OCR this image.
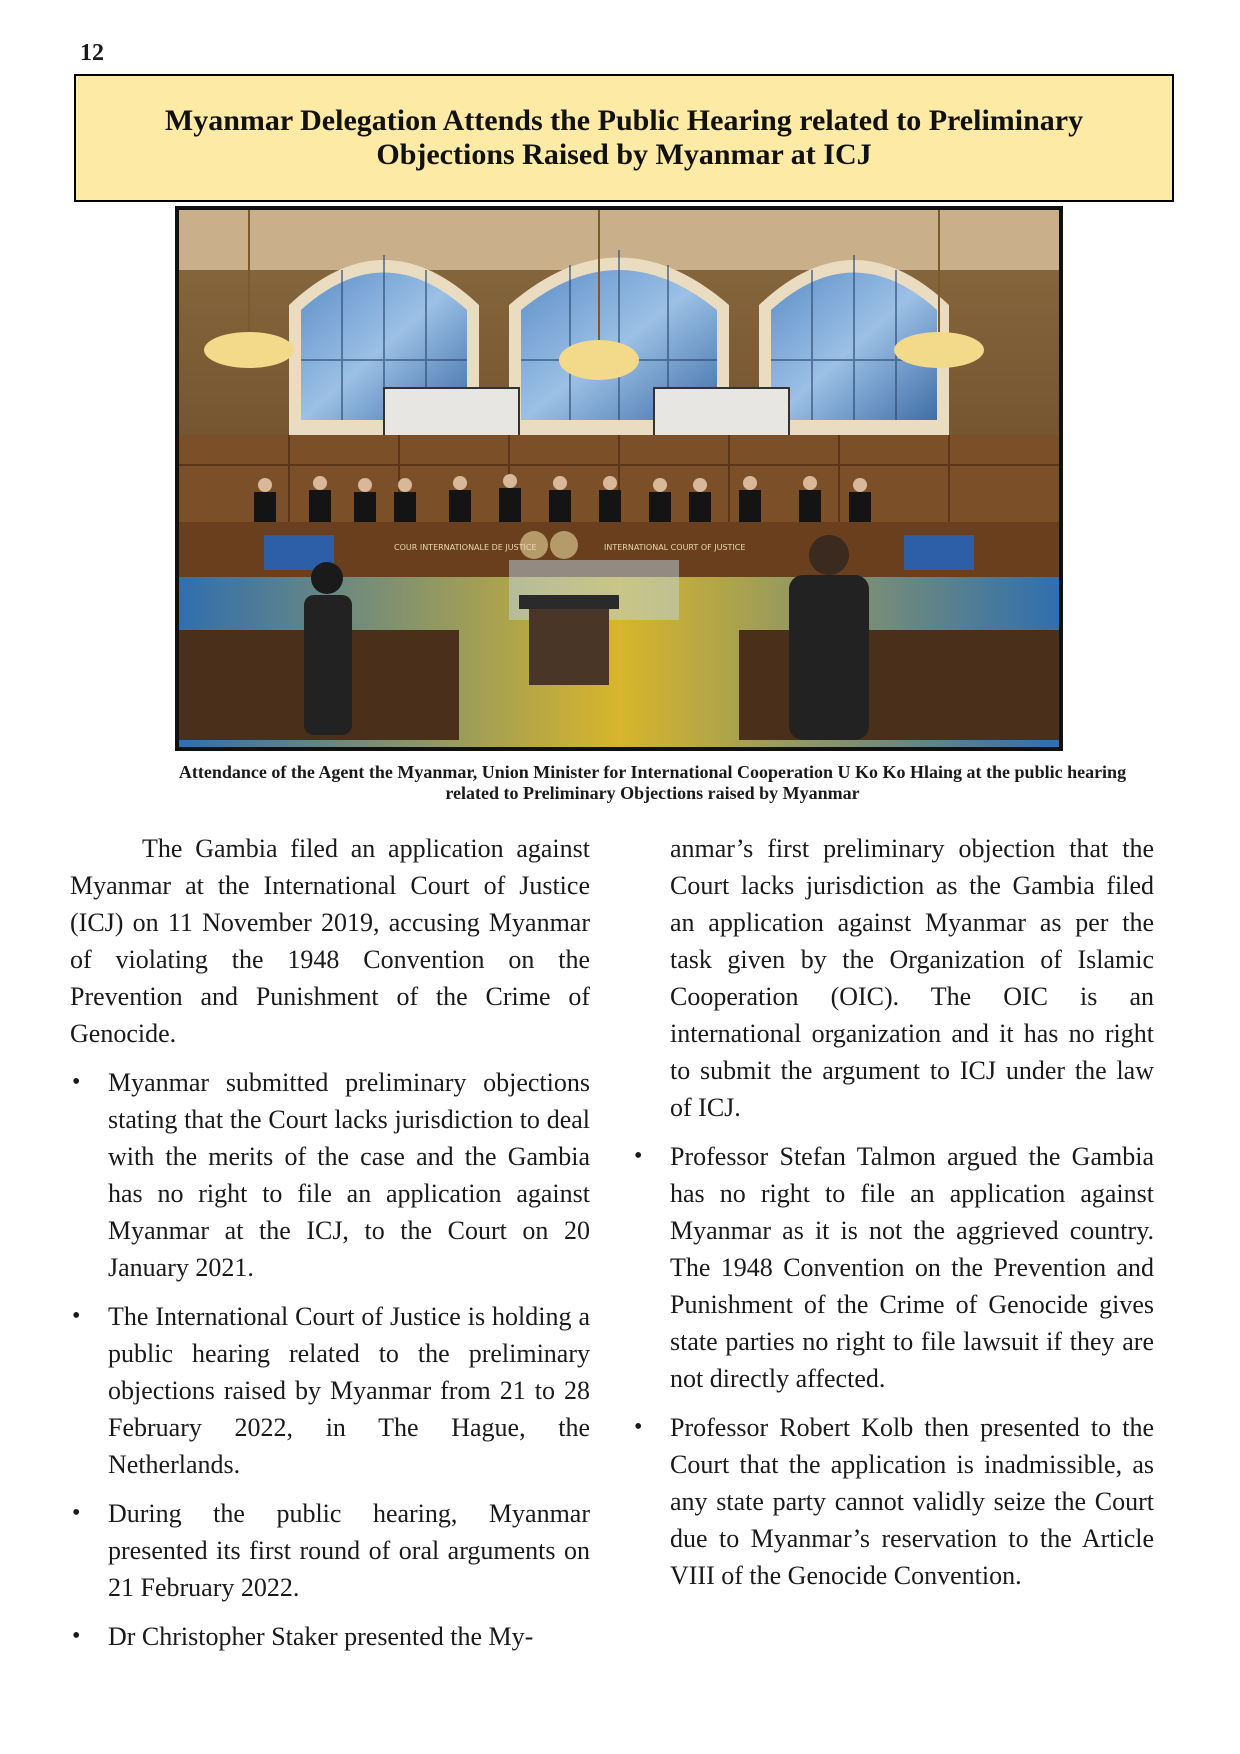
12
Myanmar Delegation Attends the Public Hearing related to Preliminary Objections Raised by Myanmar at ICJ
COUR INTERNATIONALE DE JUSTICE	INTERNATIONAL COURT OF JUSTICE
Attendance of the Agent the Myanmar, Union Minister for International Cooperation U Ko Ko Hlaing at the public hearing related to Preliminary Objections raised by Myanmar

The Gambia filed an application against Myanmar at the International Court of Justice (ICJ) on 11 November 2019, accusing Myanmar of violating the 1948 Convention on the Prevention and Punishment of the Crime of Genocide.

• Myanmar submitted preliminary objections stating that the Court lacks jurisdiction to deal with the merits of the case and the Gambia has no right to file an application against Myanmar at the ICJ, to the Court on 20 January 2021.
• The International Court of Justice is holding a public hearing related to the preliminary objections raised by Myanmar from 21 to 28 February 2022, in The Hague, the Netherlands.
• During the public hearing, Myanmar presented its first round of oral arguments on 21 February 2022.
• Dr Christopher Staker presented the My-

anmar’s first preliminary objection that the Court lacks jurisdiction as the Gambia filed an application against Myanmar as per the task given by the Organization of Islamic Cooperation (OIC). The OIC is an international organization and it has no right to submit the argument to ICJ under the law of ICJ.

• Professor Stefan Talmon argued the Gambia has no right to file an application against Myanmar as it is not the aggrieved country. The 1948 Convention on the Prevention and Punishment of the Crime of Genocide gives state parties no right to file lawsuit if they are not directly affected.
• Professor Robert Kolb then presented to the Court that the application is inadmissible, as any state party cannot validly seize the Court due to Myanmar’s reservation to the Article VIII of the Genocide Convention.
